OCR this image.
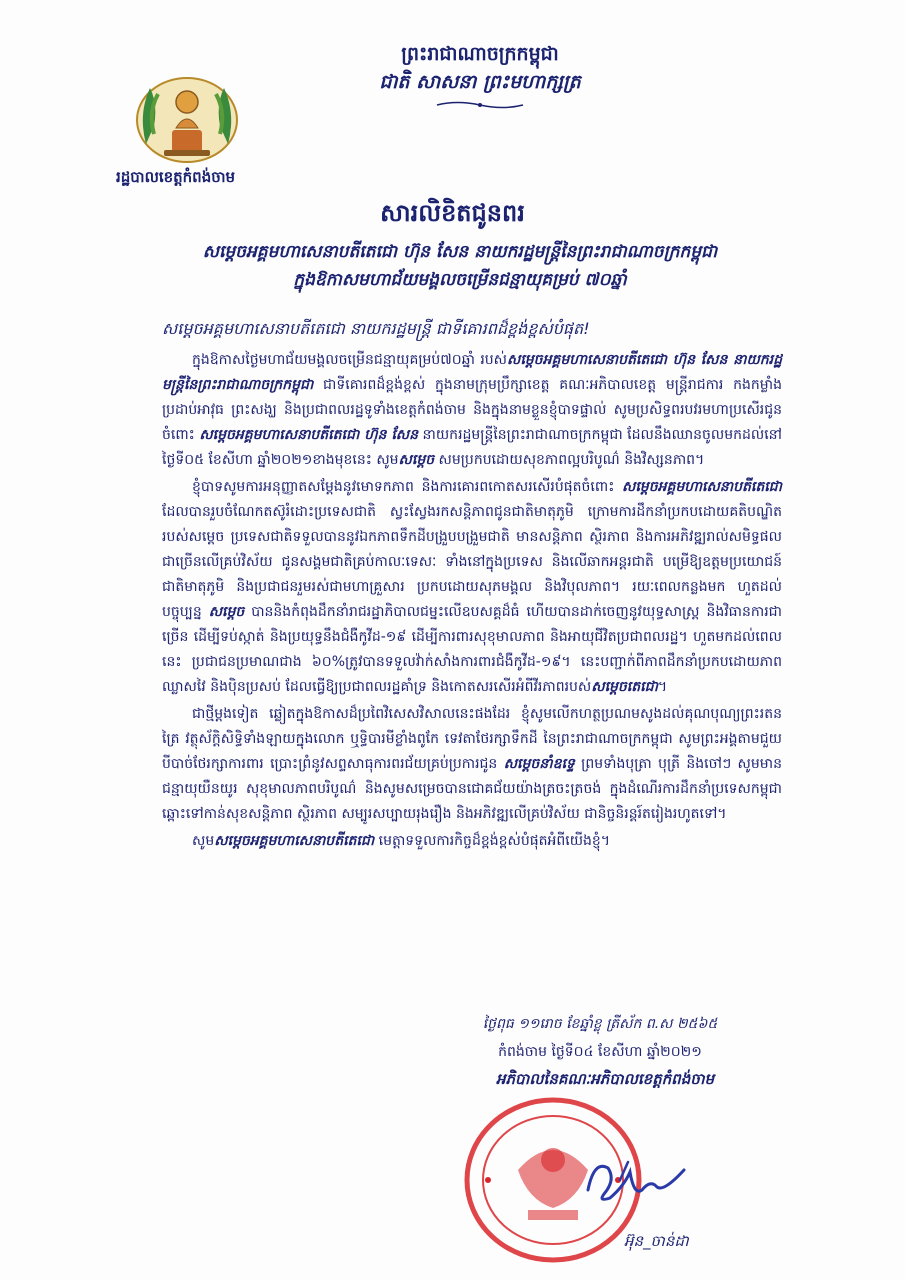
ព្រះរាជាណាចក្រកម្ពុជា
ជាតិ សាសនា ព្រះមហាក្សត្រ
រដ្ឋបាលខេត្តកំពង់ចាម
សារលិខិតជូនពរ
សម្តេចអគ្គមហាសេនាបតីតេជោ ហ៊ុន សែន នាយករដ្ឋមន្រ្តីនៃព្រះរាជាណាចក្រកម្ពុជា
ក្នុងឱកាសមហាជ័យមង្គលចម្រើនជន្មាយុគម្រប់ ៧០ឆ្នាំ
សម្តេចអគ្គមហាសេនាបតីតេជោ នាយករដ្ឋមន្ត្រី ជាទីគោរពដ៏ខ្ពង់ខ្ពស់បំផុត!

ក្នុងឱកាសថ្ងៃមហាជ័យមង្គលចម្រើនជន្មាយុគម្រប់៧០ឆ្នាំ របស់សម្តេចអគ្គមហាសេនាបតីតេជោ ហ៊ុន សែន នាយករដ្ឋមន្ត្រីនៃព្រះរាជាណាចក្រកម្ពុជា ជាទីគោរពដ៏ខ្ពង់ខ្ពស់ ក្នុងនាមក្រុមប្រឹក្សាខេត្ត គណៈអភិបាលខេត្ត មន្ត្រីរាជការ កងកម្លាំងប្រដាប់អាវុធ ព្រះសង្ឃ និងប្រជាពលរដ្ឋទូទាំងខេត្តកំពង់ចាម និងក្នុងនាមខ្លួនខ្ញុំបាទផ្ទាល់ សូមប្រសិទ្ធពរបវរមហាប្រសើរជូនចំពោះ សម្តេចអគ្គមហាសេនាបតីតេជោ ហ៊ុន សែន នាយករដ្ឋមន្ត្រីនៃព្រះរាជាណាចក្រកម្ពុជា ដែលនឹងឈានចូលមកដល់នៅថ្ងៃទី០៥ ខែសីហា ឆ្នាំ២០២១ខាងមុខនេះ សូមសម្តេច សមប្រកបដោយសុខភាពល្អបរិបូណ៌ និងវិស្សនភាព។

ខ្ញុំបាទសូមការអនុញ្ញាតសម្តែងនូវមោទកភាព និងការគោរពកោតសរសើរបំផុតចំពោះ សម្តេចអគ្គមហាសេនាបតីតេជោ ដែលបានរួបចំណែកតស៊ូរំដោះប្រទេសជាតិ ស្វះស្វែងរកសន្តិភាពជូនជាតិមាតុភូមិ ក្រោមការដឹកនាំប្រកបដោយគតិបណ្ឌិតរបស់សម្តេច ប្រទេសជាតិទទួលបាននូវឯកភាពទឹកដីបង្រួបបង្រួមជាតិ មានសន្តិភាព ស្ថិរភាព និងការអភិវឌ្ឍរាល់សមិទ្ធផលជាច្រើនលើគ្រប់វិស័យ ជូនសង្គមជាតិគ្រប់កាលៈទេសៈ ទាំងនៅក្នុងប្រទេស និងលើឆាកអន្តរជាតិ បម្រើឱ្យឧត្តមប្រយោជន៍ជាតិមាតុភូមិ និងប្រជាជនរួមរស់ជាមហាគ្រួសារ ប្រកបដោយសុភមង្គល និងវិបុលភាព។ រយៈពេលកន្លងមក ហួតដល់បច្ចុប្បន្ន សម្តេច បាននិងកំពុងដឹកនាំរាជរដ្ឋាភិបាលជម្នះលើឧបសគ្គដ៏ធំ ហើយបានដាក់ចេញនូវយុទ្ធសាស្ត្រ និងវិធានការជាច្រើន ដើម្បីទប់ស្កាត់ និងប្រយុទ្ធនឹងជំងឺកូវីដ-១៩ ដើម្បីការពារសុខុមាលភាព និងអាយុជីវិតប្រជាពលរដ្ឋ។ ហួតមកដល់ពេលនេះ ប្រជាជនប្រមាណជាង ៦០%ត្រូវបានទទួលវ៉ាក់សាំងការពារជំងឺកូវីដ-១៩។ នេះបញ្ជាក់ពីភាពដឹកនាំប្រកបដោយភាពឈ្លាសវៃ និងប៉ិនប្រសប់ ដែលធ្វើឱ្យប្រជាពលរដ្ឋគាំទ្រ និងកោតសរសើរអំពីវីរភាពរបស់សម្តេចតេជោ។

ជាថ្មីម្តងទៀត ឆ្លៀតក្នុងឱកាសដ៏ប្រពៃវិសេសវិសាលនេះផងដែរ ខ្ញុំសូមលើកហត្ថប្រណមសូងដល់គុណបុណ្យព្រះរតនត្រៃ វត្ថុស័ក្តិសិទ្ធិទាំងឡាយក្នុងលោក ឬទ្ធិបារមីខ្លាំងពូកែ ទេវតាថែរក្សាទឹកដី នៃព្រះរាជាណាចក្រកម្ពុជា សូមព្រះអង្គតាមជួយបីបាច់ថែរក្សាការពារ ប្រោះព្រំនូវសព្ទសាធុការពរជ័យគ្រប់ប្រការជូន សម្តេចនាំឧទ្ទេ ព្រមទាំងបុត្រា បុត្រី និងចៅៗ សូមមានជន្មាយុយឺនយូរ សុខុមាលភាពបរិបូណ៌ និងសូមសម្រេចបានជោគជ័យយ៉ាងត្រចះត្រចង់ ក្នុងដំណើរការដឹកនាំប្រទេសកម្ពុជាឆ្ពោះទៅកាន់សុខសន្តិភាព ស្ថិរភាព សម្បូរសប្បាយរុងរឿង និងអភិវឌ្ឍលើគ្រប់វិស័យ ជានិច្ចនិរន្តរ៍តរៀងរហូតទៅ។

សូមសម្តេចអគ្គមហាសេនាបតីតេជោ មេត្តាទទួលការកិច្ចដ៏ខ្ពង់ខ្ពស់បំផុតអំពីយើងខ្ញុំ។

ថ្ងៃពុធ ១១រោច ខែឆ្នាំខ្លុ ត្រីស័ក ព.ស ២៥៦៥
កំពង់ចាម ថ្ងៃទី០៤ ខែសីហា ឆ្នាំ២០២១
អភិបាលនៃគណៈអភិបាលខេត្តកំពង់ចាម
អ៊ុន_ចាន់ដា
